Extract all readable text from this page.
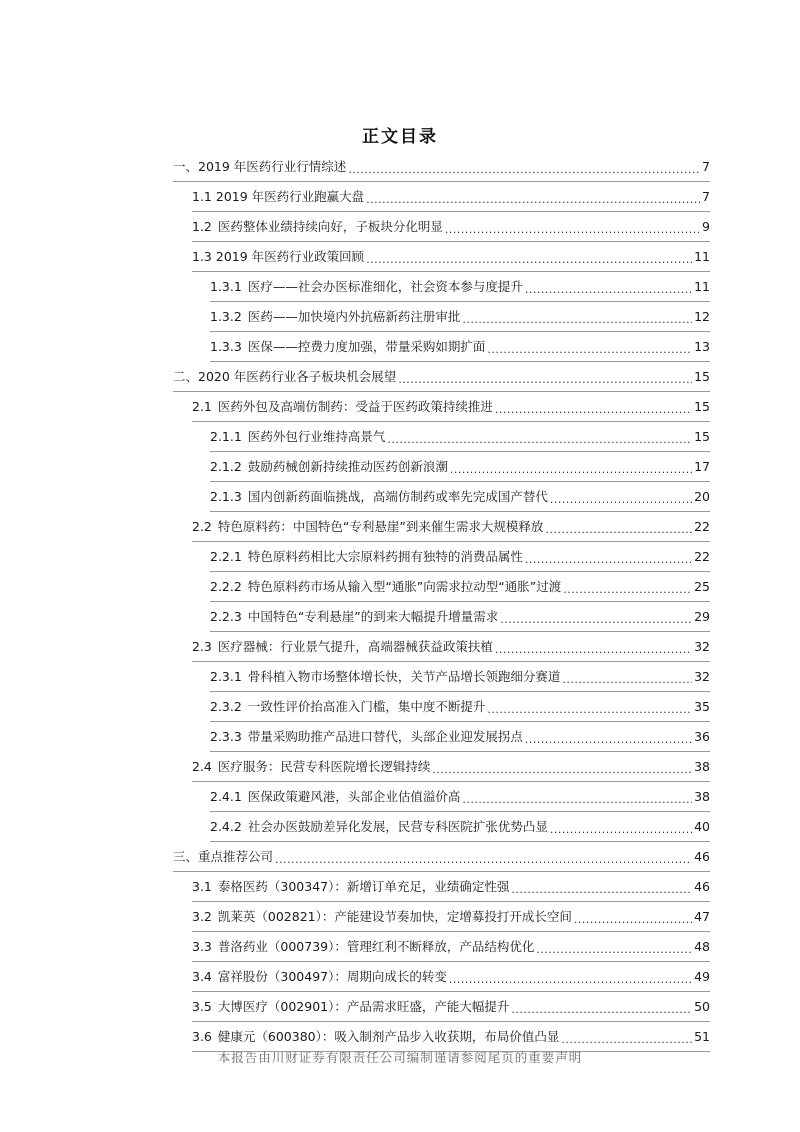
正文目录
一、 2019 年医药行业行情综述 .....	7
1.1 2019 年医药行业跑赢大盘 .....	7
1.2 医药整体业绩持续向好，子板块分化明显 .....	9
1.3 2019 年医药行业政策回顾 .....	11
1.3.1 医疗——社会办医标准细化，社会资本参与度提升 .....	11
1.3.2 医药——加快境内外抗癌新药注册审批 .....	12
1.3.3 医保——控费力度加强，带量采购如期扩面 .....	13
二、 2020 年医药行业各子板块机会展望 .....	15
2.1 医药外包及高端仿制药：受益于医药政策持续推进 .....	15
2.1.1 医药外包行业维持高景气 .....	15
2.1.2 鼓励药械创新持续推动医药创新浪潮 .....	17
2.1.3 国内创新药面临挑战，高端仿制药或率先完成国产替代 .....	20
2.2 特色原料药：中国特色“专利悬崖”到来催生需求大规模释放 .....	22
2.2.1 特色原料药相比大宗原料药拥有独特的消费品属性 .....	22
2.2.2 特色原料药市场从输入型“通胀”向需求拉动型“通胀”过渡 .....	25
2.2.3 中国特色“专利悬崖”的到来大幅提升增量需求 .....	29
2.3 医疗器械：行业景气提升，高端器械获益政策扶植 .....	32
2.3.1 骨科植入物市场整体增长快，关节产品增长领跑细分赛道 .....	32
2.3.2 一致性评价抬高准入门槛，集中度不断提升 .....	35
2.3.3 带量采购助推产品进口替代，头部企业迎发展拐点 .....	36
2.4 医疗服务：民营专科医院增长逻辑持续 .....	38
2.4.1 医保政策避风港，头部企业估值溢价高 .....	38
2.4.2 社会办医鼓励差异化发展，民营专科医院扩张优势凸显 .....	40
三、 重点推荐公司 .....	46
3.1 泰格医药（300347）：新增订单充足，业绩确定性强 .....	46
3.2 凯莱英（002821）：产能建设节奏加快，定增募投打开成长空间 .....	47
3.3 普洛药业（000739）：管理红利不断释放，产品结构优化 .....	48
3.4 富祥股份（300497）：周期向成长的转变 .....	49
3.5 大博医疗（002901）：产品需求旺盛，产能大幅提升 .....	50
3.6 健康元（600380）：吸入制剂产品步入收获期，布局价值凸显 .....	51
本报告由川财证券有限责任公司编制谨请参阅尾页的重要声明
